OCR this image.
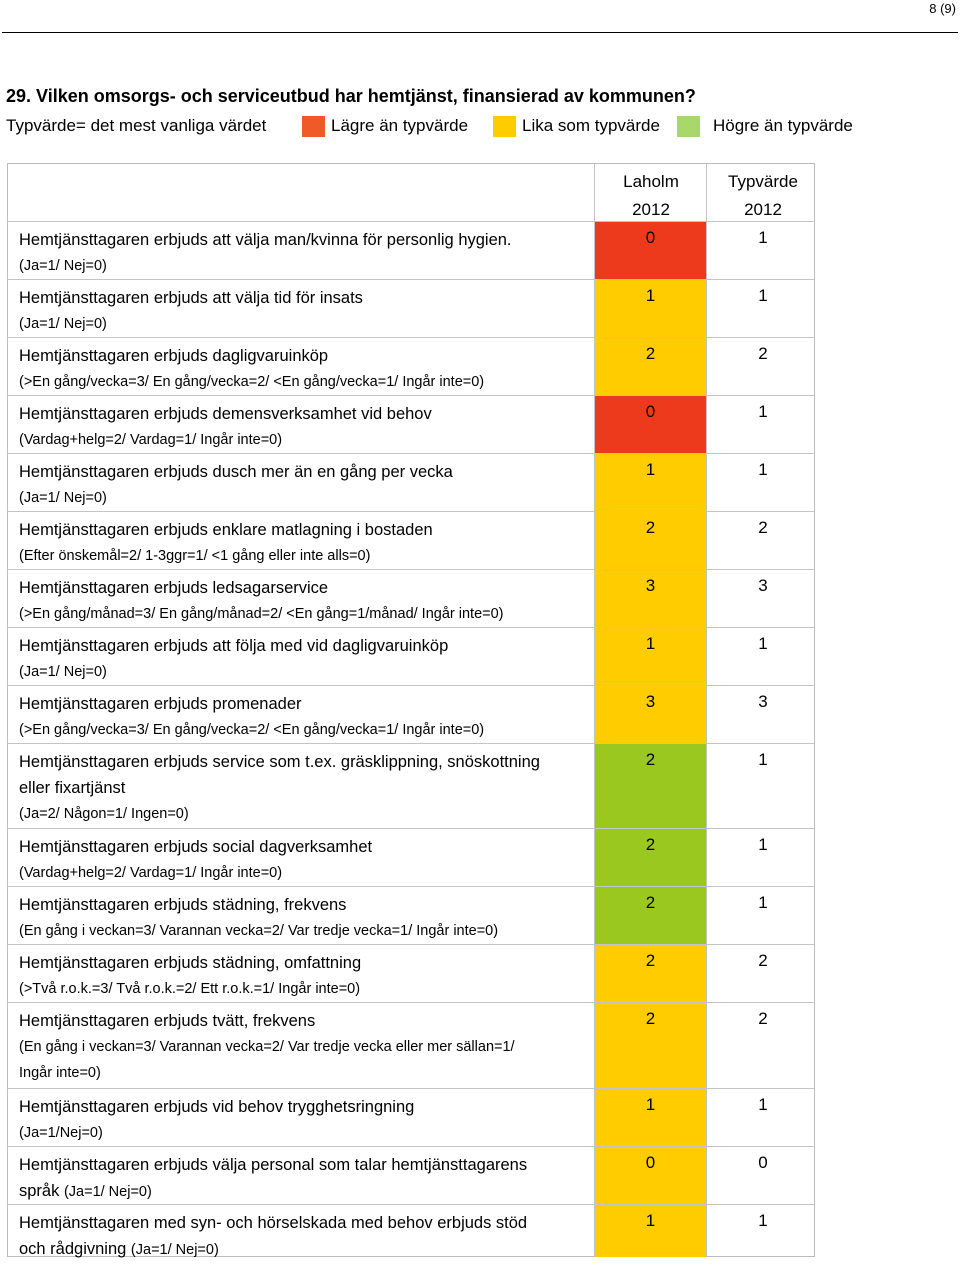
8 (9)
29. Vilken omsorgs- och serviceutbud har hemtjänst, finansierad av kommunen?
Typvärde= det mest vanliga värdet	Lägre än typvärde	Lika som typvärde	Högre än typvärde
Laholm
2012
Typvärde
2012
Hemtjänsttagaren erbjuds att välja man/kvinna för personlig hygien.
(Ja=1/ Nej=0)
0	1
Hemtjänsttagaren erbjuds att välja tid för insats
(Ja=1/ Nej=0)
1	1
Hemtjänsttagaren erbjuds dagligvaruinköp
(>En gång/vecka=3/ En gång/vecka=2/ <En gång/vecka=1/ Ingår inte=0)
2	2
Hemtjänsttagaren erbjuds demensverksamhet vid behov
(Vardag+helg=2/ Vardag=1/ Ingår inte=0)
0	1
Hemtjänsttagaren erbjuds dusch mer än en gång per vecka
(Ja=1/ Nej=0)
1	1
Hemtjänsttagaren erbjuds enklare matlagning i bostaden
(Efter önskemål=2/ 1-3ggr=1/ <1 gång eller inte alls=0)
2	2
Hemtjänsttagaren erbjuds ledsagarservice
(>En gång/månad=3/ En gång/månad=2/ <En gång=1/månad/ Ingår inte=0)
3	3
Hemtjänsttagaren erbjuds att följa med vid dagligvaruinköp
(Ja=1/ Nej=0)
1	1
Hemtjänsttagaren erbjuds promenader
(>En gång/vecka=3/ En gång/vecka=2/ <En gång/vecka=1/ Ingår inte=0)
3	3
Hemtjänsttagaren erbjuds service som t.ex. gräsklippning, snöskottning
eller fixartjänst
(Ja=2/ Någon=1/ Ingen=0)
2	1
Hemtjänsttagaren erbjuds social dagverksamhet
(Vardag+helg=2/ Vardag=1/ Ingår inte=0)
2	1
Hemtjänsttagaren erbjuds städning, frekvens
(En gång i veckan=3/ Varannan vecka=2/ Var tredje vecka=1/ Ingår inte=0)
2	1
Hemtjänsttagaren erbjuds städning, omfattning
(>Två r.o.k.=3/ Två r.o.k.=2/ Ett r.o.k.=1/ Ingår inte=0)
2	2
Hemtjänsttagaren erbjuds tvätt, frekvens
(En gång i veckan=3/ Varannan vecka=2/ Var tredje vecka eller mer sällan=1/
Ingår inte=0)
2	2
Hemtjänsttagaren erbjuds vid behov trygghetsringning
(Ja=1/Nej=0)
1	1
Hemtjänsttagaren erbjuds välja personal som talar hemtjänsttagarens
språk (Ja=1/ Nej=0)
0	0
Hemtjänsttagaren med syn- och hörselskada med behov erbjuds stöd
och rådgivning (Ja=1/ Nej=0)
1	1
